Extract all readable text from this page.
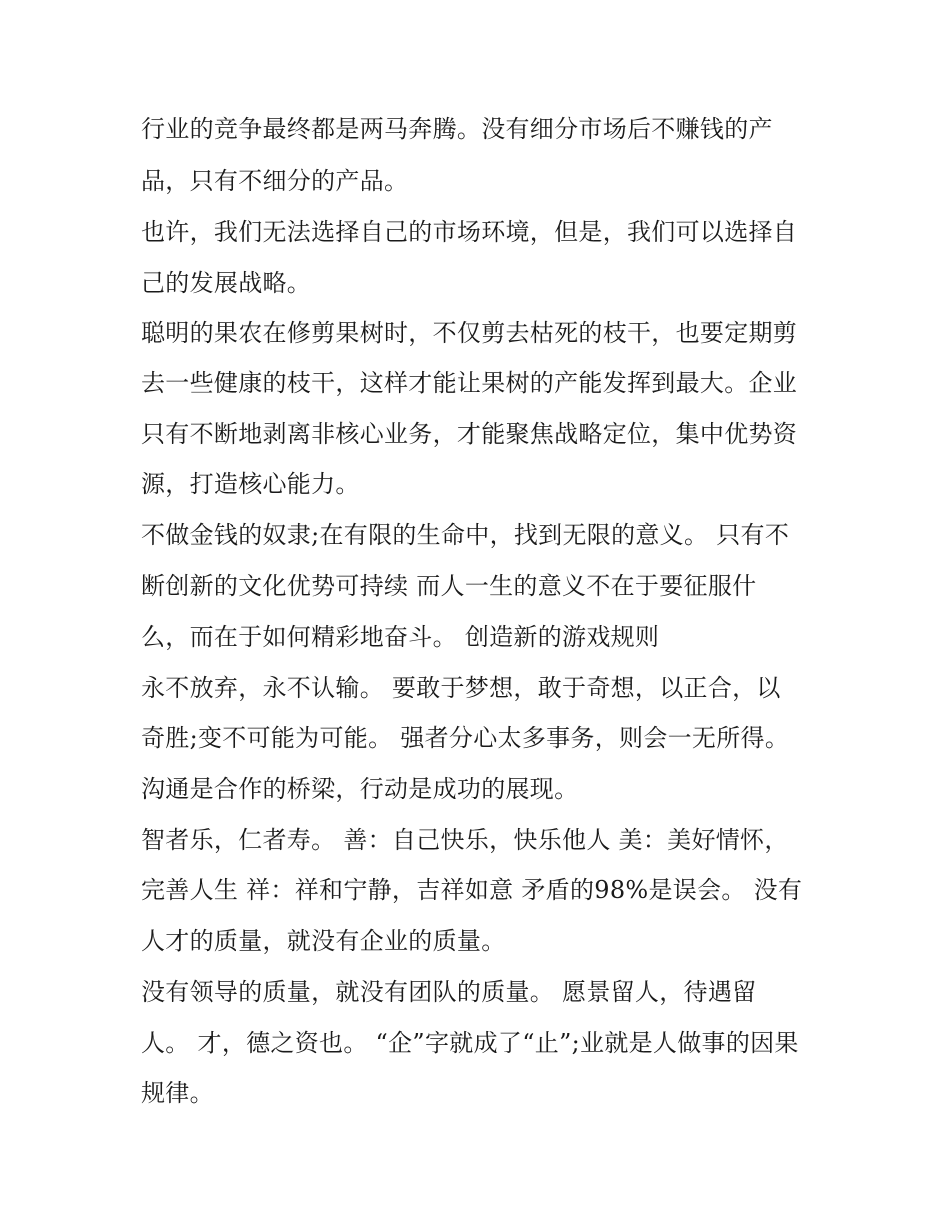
行业的竞争最终都是两马奔腾。没有细分市场后不赚钱的产
品，只有不细分的产品。
也许，我们无法选择自己的市场环境，但是，我们可以选择自
己的发展战略。
聪明的果农在修剪果树时，不仅剪去枯死的枝干，也要定期剪
去一些健康的枝干，这样才能让果树的产能发挥到最大。企业
只有不断地剥离非核心业务，才能聚焦战略定位，集中优势资
源，打造核心能力。
不做金钱的奴隶;在有限的生命中，找到无限的意义。 只有不
断创新的文化优势可持续 而人一生的意义不在于要征服什
么，而在于如何精彩地奋斗。 创造新的游戏规则
永不放弃，永不认输。 要敢于梦想，敢于奇想，以正合，以
奇胜;变不可能为可能。 强者分心太多事务，则会一无所得。
沟通是合作的桥梁，行动是成功的展现。
智者乐，仁者寿。 善：自己快乐，快乐他人 美：美好情怀，
完善人生 祥：祥和宁静，吉祥如意 矛盾的98%是误会。 没有
人才的质量，就没有企业的质量。
没有领导的质量，就没有团队的质量。 愿景留人，待遇留
人。 才，德之资也。 “企”字就成了“止”;业就是人做事的因果
规律。
